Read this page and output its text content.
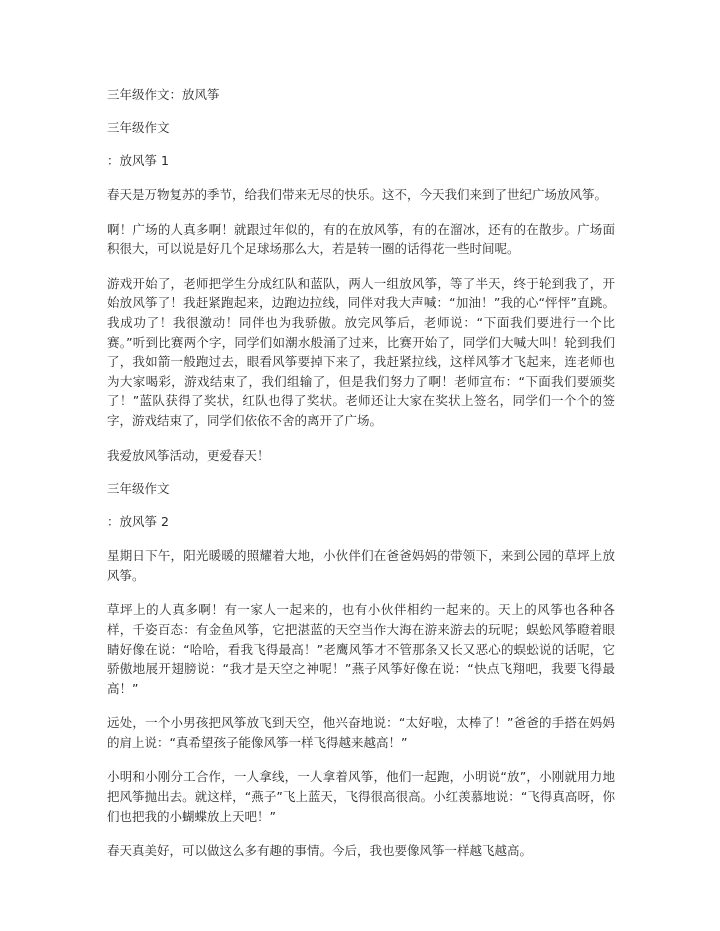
三年级作文：放风筝

三年级作文

：放风筝 1

春天是万物复苏的季节，给我们带来无尽的快乐。这不，今天我们来到了世纪广场放风筝。

啊！广场的人真多啊！就跟过年似的，有的在放风筝，有的在溜冰，还有的在散步。广场面积很大，可以说是好几个足球场那么大，若是转一圈的话得花一些时间呢。

游戏开始了，老师把学生分成红队和蓝队，两人一组放风筝，等了半天，终于轮到我了，开始放风筝了！我赶紧跑起来，边跑边拉线，同伴对我大声喊：“加油！”我的心“怦怦”直跳。我成功了！我很激动！同伴也为我骄傲。放完风筝后，老师说：“下面我们要进行一个比赛。”听到比赛两个字，同学们如潮水般涌了过来，比赛开始了，同学们大喊大叫！轮到我们了，我如箭一般跑过去，眼看风筝要掉下来了，我赶紧拉线，这样风筝才飞起来，连老师也为大家喝彩，游戏结束了，我们组输了，但是我们努力了啊！老师宣布：“下面我们要颁奖了！”蓝队获得了奖状，红队也得了奖状。老师还让大家在奖状上签名，同学们一个个的签字，游戏结束了，同学们依依不舍的离开了广场。

我爱放风筝活动，更爱春天！

三年级作文

：放风筝 2

星期日下午，阳光暖暖的照耀着大地，小伙伴们在爸爸妈妈的带领下，来到公园的草坪上放风筝。

草坪上的人真多啊！有一家人一起来的，也有小伙伴相约一起来的。天上的风筝也各种各样，千姿百态：有金鱼风筝，它把湛蓝的天空当作大海在游来游去的玩呢；蜈蚣风筝瞪着眼睛好像在说：“哈哈，看我飞得最高！”老鹰风筝才不管那条又长又恶心的蜈蚣说的话呢，它骄傲地展开翅膀说：“我才是天空之神呢！”燕子风筝好像在说：“快点飞翔吧，我要飞得最高！”

远处，一个小男孩把风筝放飞到天空，他兴奋地说：“太好啦，太棒了！”爸爸的手搭在妈妈的肩上说：“真希望孩子能像风筝一样飞得越来越高！”

小明和小刚分工合作，一人拿线，一人拿着风筝，他们一起跑，小明说“放”，小刚就用力地把风筝抛出去。就这样，“燕子”飞上蓝天，飞得很高很高。小红羡慕地说：“飞得真高呀，你们也把我的小蝴蝶放上天吧！”

春天真美好，可以做这么多有趣的事情。今后，我也要像风筝一样越飞越高。
